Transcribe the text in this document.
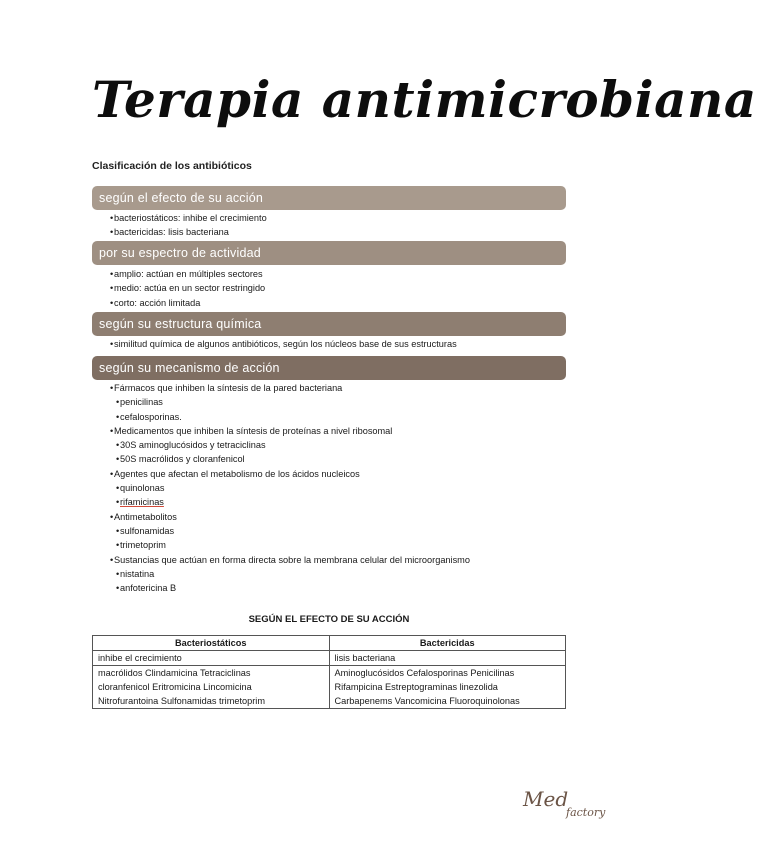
Terapia antimicrobiana
Clasificación de los antibióticos
según el efecto de su acción
•bacteriostáticos: inhibe el crecimiento
•bactericidas: lisis bacteriana
por su espectro de actividad
•amplio: actúan en múltiples sectores
•medio: actúa en un sector restringido
•corto: acción limitada
según su estructura química
•similitud química de algunos antibióticos, según los núcleos base de sus estructuras
según su mecanismo de acción
•Fármacos que inhiben la síntesis de la pared bacteriana
•penicilinas
•cefalosporinas.
•Medicamentos que inhiben la síntesis de proteínas a nivel ribosomal
•30S aminoglucósidos y tetraciclinas
•50S macrólidos y cloranfenicol
•Agentes que afectan el metabolismo de los ácidos nucleicos
•quinolonas
•rifamicinas
•Antimetabolitos
•sulfonamidas
•trimetoprim
•Sustancias que actúan en forma directa sobre la membrana celular del microorganismo
•nistatina
•anfotericina B
SEGÚN EL EFECTO DE SU ACCIÓN
Bacteriostáticos	Bactericidas
inhibe el crecimiento	lisis bacteriana
macrólidos Clindamicina Tetraciclinas	Aminoglucósidos Cefalosporinas Penicilinas
cloranfenicol Eritromicina Lincomicina	Rifampicina Estreptograminas linezolida
Nitrofurantoina Sulfonamidas trimetoprim	Carbapenems Vancomicina Fluoroquinolonas
Med
factory
